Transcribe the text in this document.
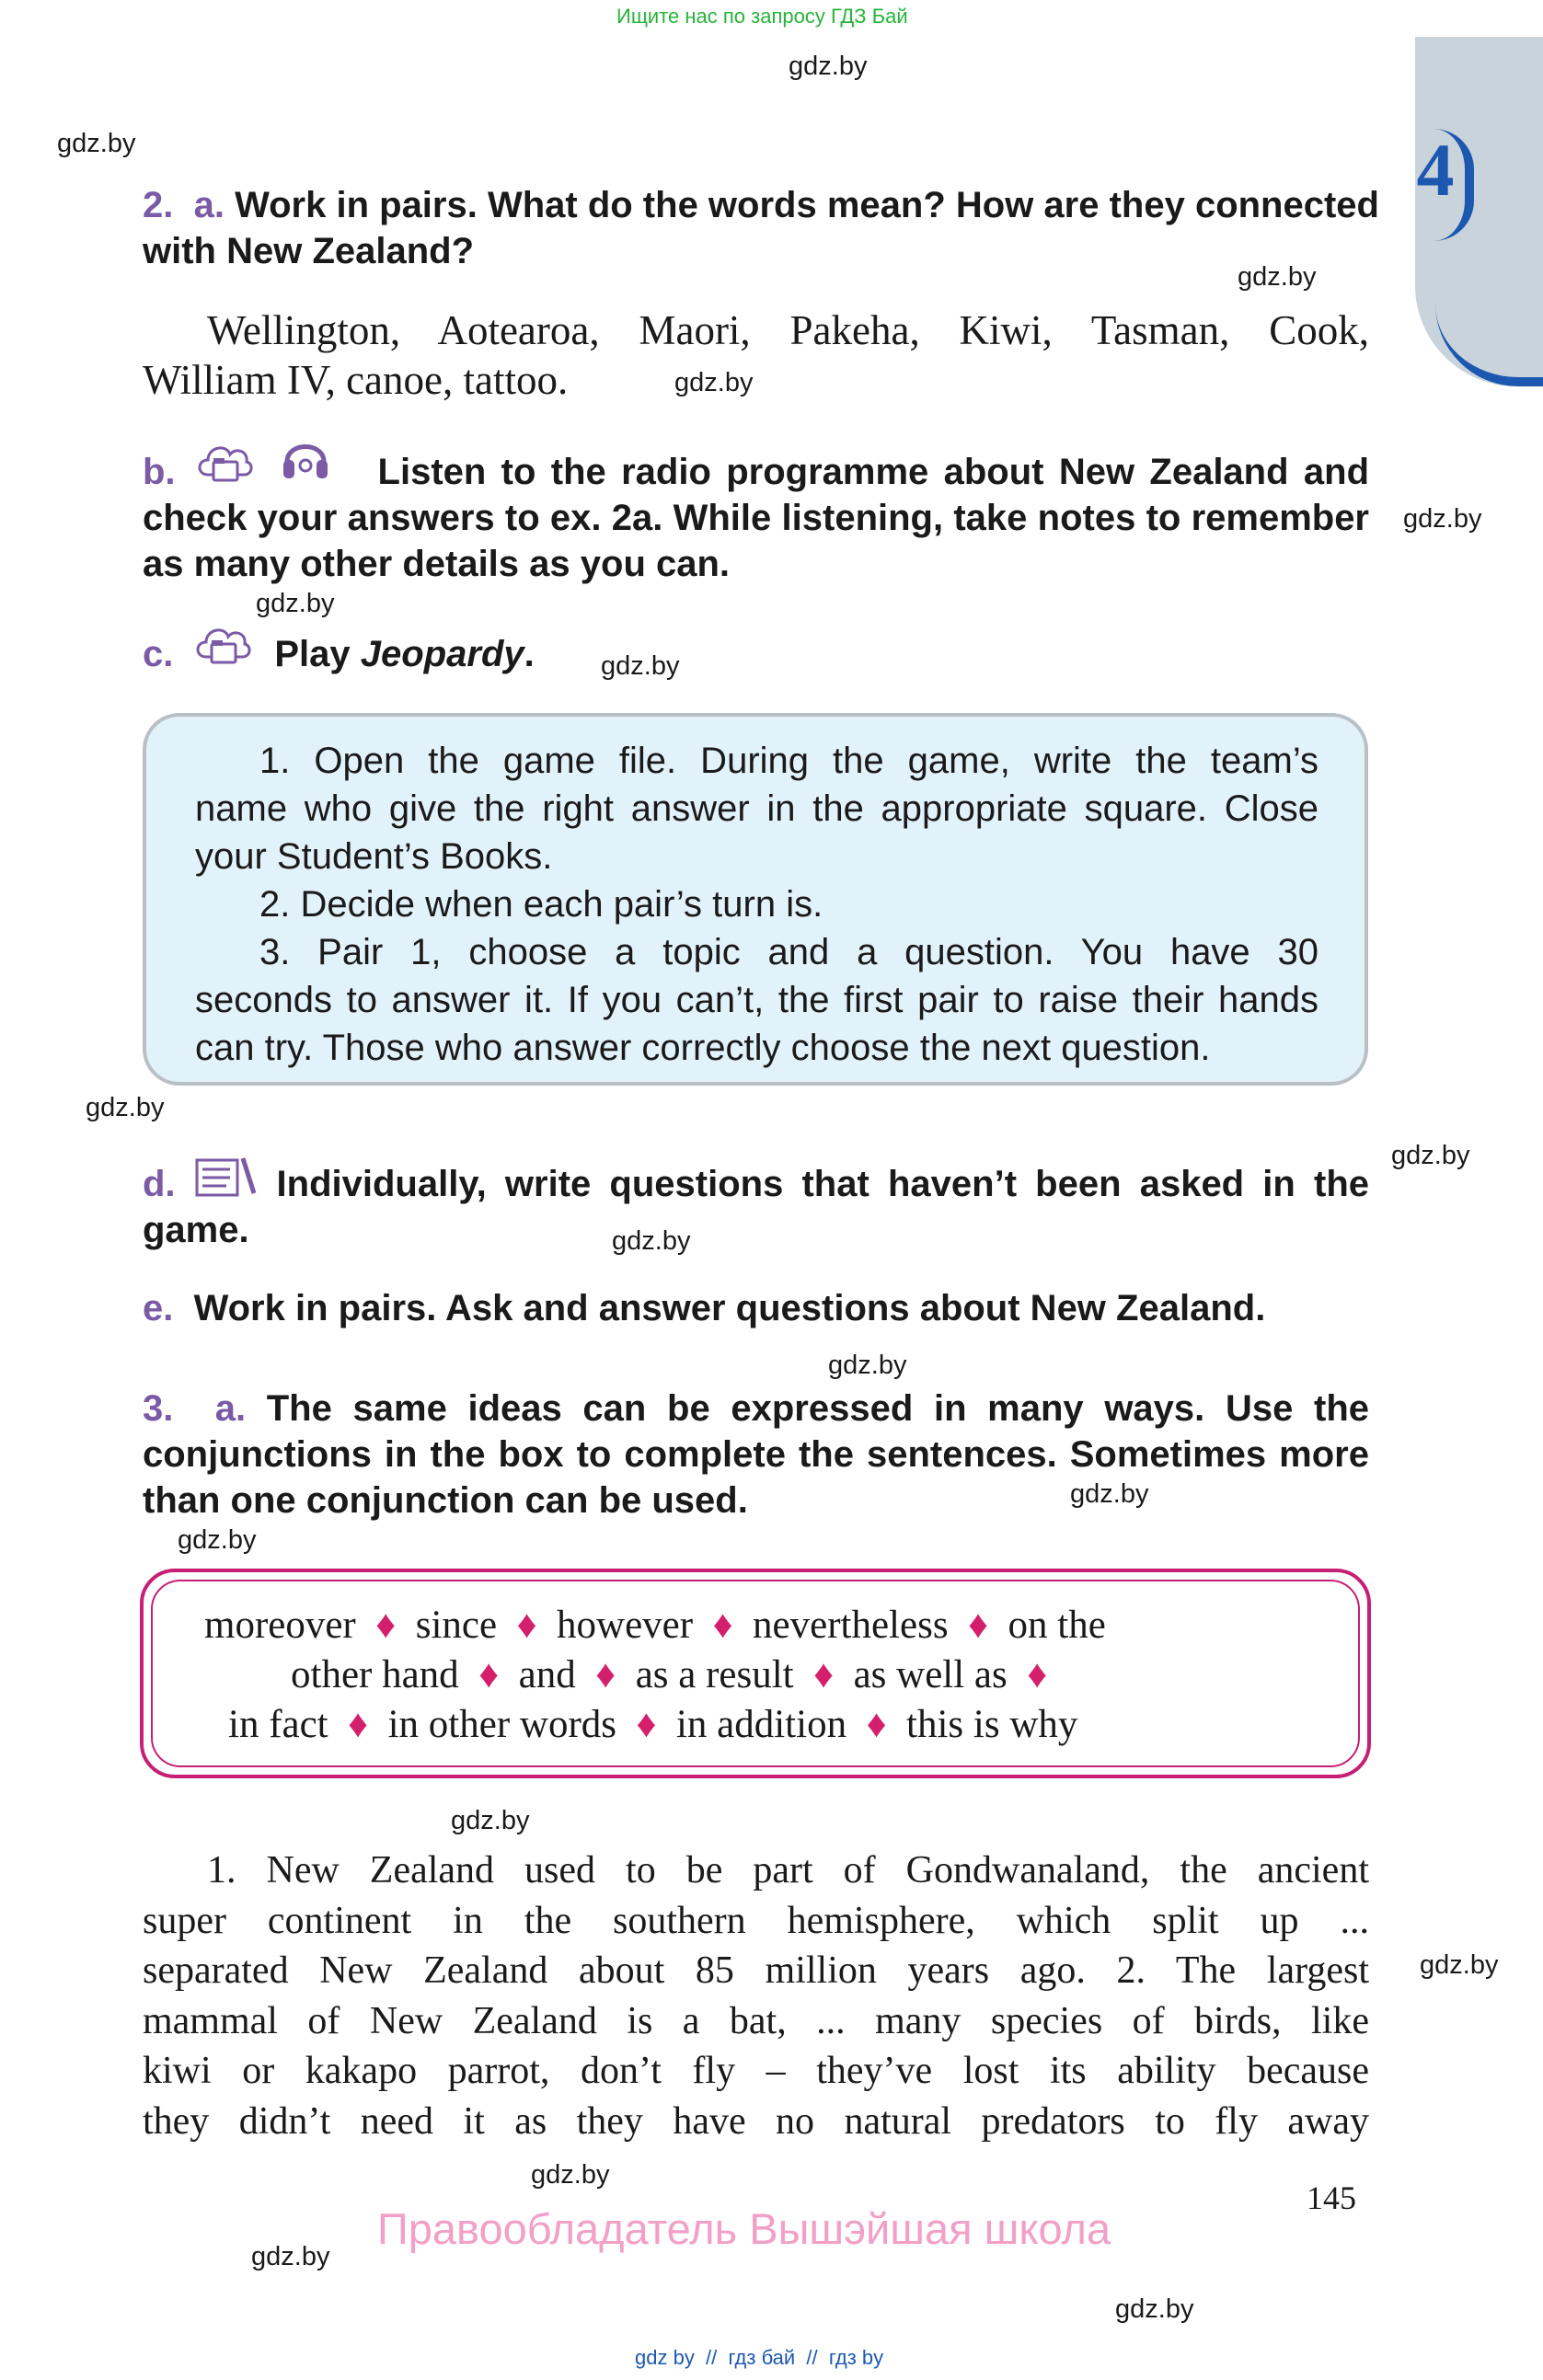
Ищите нас по запросу ГДЗ Бай
gdz.by
gdz.by
gdz.by
gdz.by
gdz.by
gdz.by
gdz.by
gdz.by
gdz.by
gdz.by
gdz.by
gdz.by
gdz.by
gdz.by
gdz.by
gdz.by
gdz.by
gdz.by
4
2. a. Work in pairs. What do the words mean? How are they connected
with New Zealand?
Wellington, Aotearoa, Maori, Pakeha, Kiwi, Tasman, Cook,
William IV, canoe, tattoo.
b.	Listen to the radio programme about New Zealand and
check your answers to ex. 2a. While listening, take notes to remember
as many other details as you can.
c.	Play Jeopardy.

1. Open the game file. During the game, write the team’s

name who give the right answer in the appropriate square. Close

your Student’s Books.

2. Decide when each pair’s turn is.

3. Pair 1, choose a topic and a question. You have 30

seconds to answer it. If you can’t, the first pair to raise their hands

can try. Those who answer correctly choose the next question.

d.	Individually, write questions that haven’t been asked in the
game.
e. Work in pairs. Ask and answer questions about New Zealand.
3. a. The same ideas can be expressed in many ways. Use the
conjunctions in the box to complete the sentences. Sometimes more
than one conjunction can be used.
moreover ♦ since ♦ however ♦ nevertheless ♦ on the
other hand ♦ and ♦ as a result ♦ as well as ♦
in fact ♦ in other words ♦ in addition ♦ this is why
1. New Zealand used to be part of Gondwanaland, the ancient
super continent in the southern hemisphere, which split up ...
separated New Zealand about 85 million years ago. 2. The largest
mammal of New Zealand is a bat, ... many species of birds, like
kiwi or kakapo parrot, don’t fly – they’ve lost its ability because
they didn’t need it as they have no natural predators to fly away
145
Правообладатель Вышэйшая школа
gdz by  //  гдз бай  //  гдз by
